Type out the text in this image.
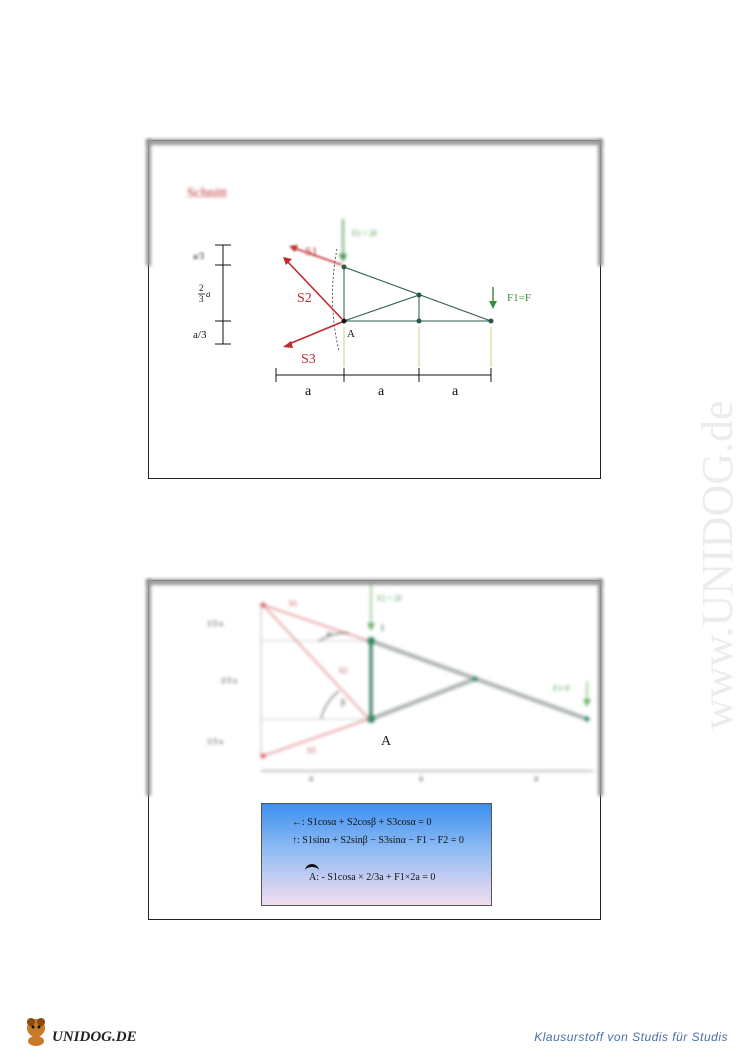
Schnitt
a/3
2
3 a
a/3
S1
S2
S3
F2 = 2F
F1=F
A
a	a	a
1/3 a
2/3 a
1/3 a
S1
S2
S3
α
β
F2 = 2F
I
F1=F
a	a	a
A
←: S1cosα + S2cosβ + S3cosα = 0
↑: S1sinα + S2sinβ − S3sinα − F1 − F2 = 0
A: - S1cosa × 2/3a + F1×2a = 0
www.UNIDOG.de
UNIDOG.DE	Klausurstoff von Studis für Studis
